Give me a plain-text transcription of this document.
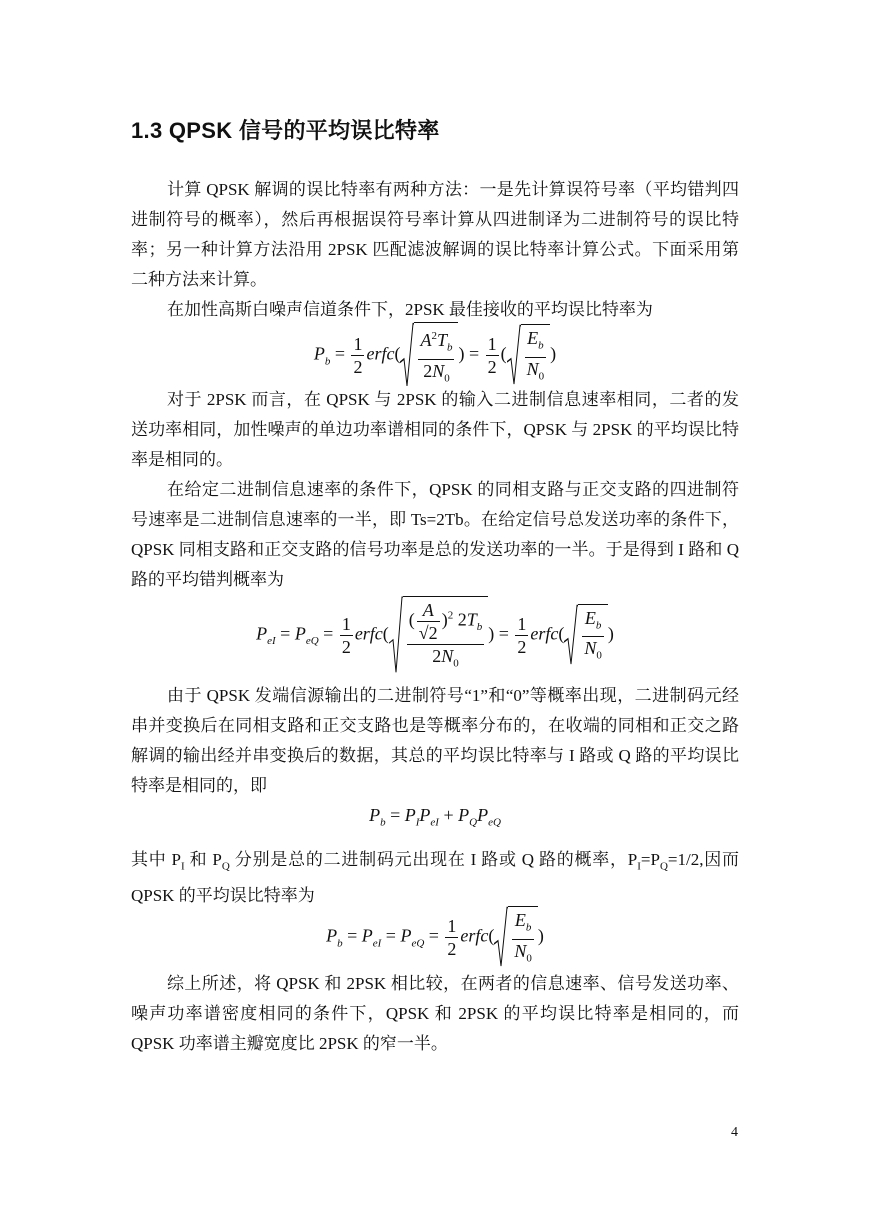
1.3 QPSK 信号的平均误比特率

计算 QPSK 解调的误比特率有两种方法：一是先计算误符号率（平均错判四进制符号的概率），然后再根据误符号率计算从四进制译为二进制符号的误比特率；另一种计算方法沿用 2PSK 匹配滤波解调的误比特率计算公式。下面采用第二种方法来计算。

在加性高斯白噪声信道条件下，2PSK 最佳接收的平均误比特率为

$P_b = \frac{1}{2}$ erfc( $\frac{A^2T_b}{2N_0}$ ) = $\frac{1}{2}$ ( $\frac{E_b}{N_0}$ )

对于 2PSK 而言，在 QPSK 与 2PSK 的输入二进制信息速率相同，二者的发送功率相同，加性噪声的单边功率谱相同的条件下，QPSK 与 2PSK 的平均误比特率是相同的。

在给定二进制信息速率的条件下，QPSK 的同相支路与正交支路的四进制符号速率是二进制信息速率的一半，即 Ts=2Tb。在给定信号总发送功率的条件下，QPSK 同相支路和正交支路的信号功率是总的发送功率的一半。于是得到 I 路和 Q 路的平均错判概率为

$P_{eI} = P_{eQ} = \frac{1}{2}$ erfc( $\frac{( \frac{A}{√2} )^2 2T_b}{2N_0}$ ) = $\frac{1}{2}$ erfc( $\frac{E_b}{N_0}$ )

由于 QPSK 发端信源输出的二进制符号“1”和“0”等概率出现，二进制码元经串并变换后在同相支路和正交支路也是等概率分布的，在收端的同相和正交之路解调的输出经并串变换后的数据，其总的平均误比特率与 I 路或 Q 路的平均误比特率是相同的，即

$P_b = P_IP_{eI} + P_QP_{eQ}$

其中 $P_I$ 和 $P_Q$ 分别是总的二进制码元出现在 I 路或 Q 路的概率，$P_I=P_Q=1/2$,因而 QPSK 的平均误比特率为

$P_b = P_{eI} = P_{eQ} = \frac{1}{2}$ erfc( $\frac{E_b}{N_0}$ )

综上所述，将 QPSK 和 2PSK 相比较，在两者的信息速率、信号发送功率、噪声功率谱密度相同的条件下，QPSK 和 2PSK 的平均误比特率是相同的，而 QPSK 功率谱主瓣宽度比 2PSK 的窄一半。

4
